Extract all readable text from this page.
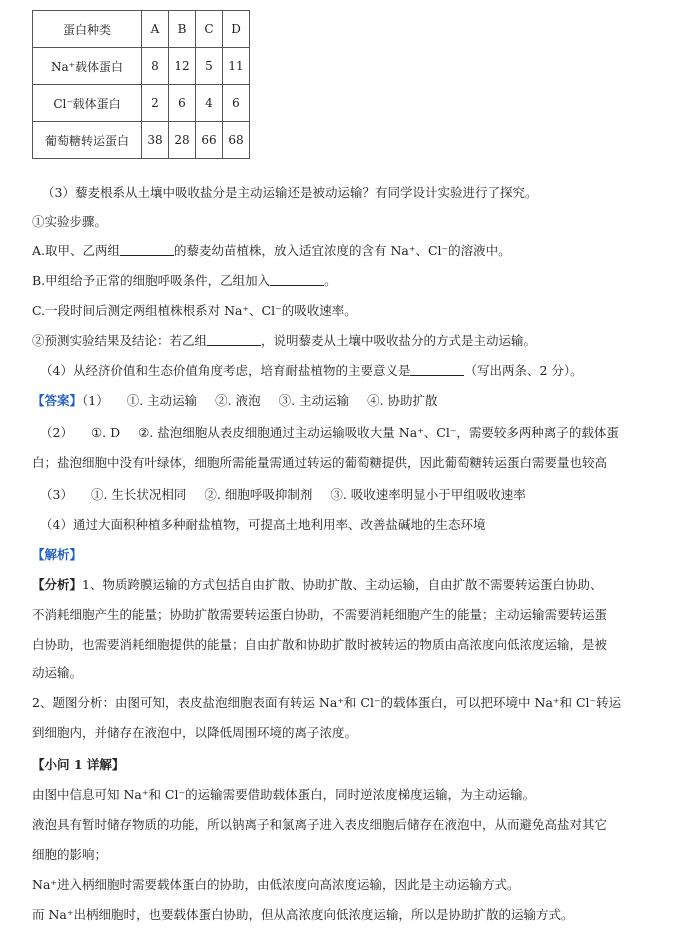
蛋白种类	A	B	C	D
Na⁺载体蛋白	8	12	5	11
Cl⁻载体蛋白	2	6	4	6
葡萄糖转运蛋白	38	28	66	68
（3）藜麦根系从土壤中吸收盐分是主动运输还是被动运输？有同学设计实验进行了探究。
①实验步骤。
A.取甲、乙两组	的藜麦幼苗植株，放入适宜浓度的含有 Na⁺、Cl⁻的溶液中。
B.甲组给予正常的细胞呼吸条件，乙组加入	。
C.一段时间后测定两组植株根系对 Na⁺、Cl⁻的吸收速率。
②预测实验结果及结论：若乙组	，说明藜麦从土壤中吸收盐分的方式是主动运输。
（4）从经济价值和生态价值角度考虑，培育耐盐植物的主要意义是	（写出两条、2 分）。
【答案】（1） ①. 主动运输 ②. 液泡 ③. 主动运输 ④. 协助扩散
（2） ①. D ②. 盐泡细胞从表皮细胞通过主动运输吸收大量 Na⁺、Cl⁻，需要较多两种离子的载体蛋
白；盐泡细胞中没有叶绿体，细胞所需能量需通过转运的葡萄糖提供，因此葡萄糖转运蛋白需要量也较高
（3） ①. 生长状况相同 ②. 细胞呼吸抑制剂 ③. 吸收速率明显小于甲组吸收速率
（4）通过大面积种植多种耐盐植物，可提高土地利用率、改善盐碱地的生态环境
【解析】
【分析】1、物质跨膜运输的方式包括自由扩散、协助扩散、主动运输，自由扩散不需要转运蛋白协助、
不消耗细胞产生的能量；协助扩散需要转运蛋白协助，不需要消耗细胞产生的能量；主动运输需要转运蛋
白协助，也需要消耗细胞提供的能量；自由扩散和协助扩散时被转运的物质由高浓度向低浓度运输，是被
动运输。
2、题图分析：由图可知，表皮盐泡细胞表面有转运 Na⁺和 Cl⁻的载体蛋白，可以把环境中 Na⁺和 Cl⁻转运
到细胞内，并储存在液泡中，以降低周围环境的离子浓度。
【小问 1 详解】
由图中信息可知 Na⁺和 Cl⁻的运输需要借助载体蛋白，同时逆浓度梯度运输，为主动运输。
液泡具有暂时储存物质的功能，所以钠离子和氯离子进入表皮细胞后储存在液泡中，从而避免高盐对其它
细胞的影响；
Na⁺进入柄细胞时需要载体蛋白的协助，由低浓度向高浓度运输，因此是主动运输方式。
而 Na⁺出柄细胞时，也要载体蛋白协助，但从高浓度向低浓度运输，所以是协助扩散的运输方式。
